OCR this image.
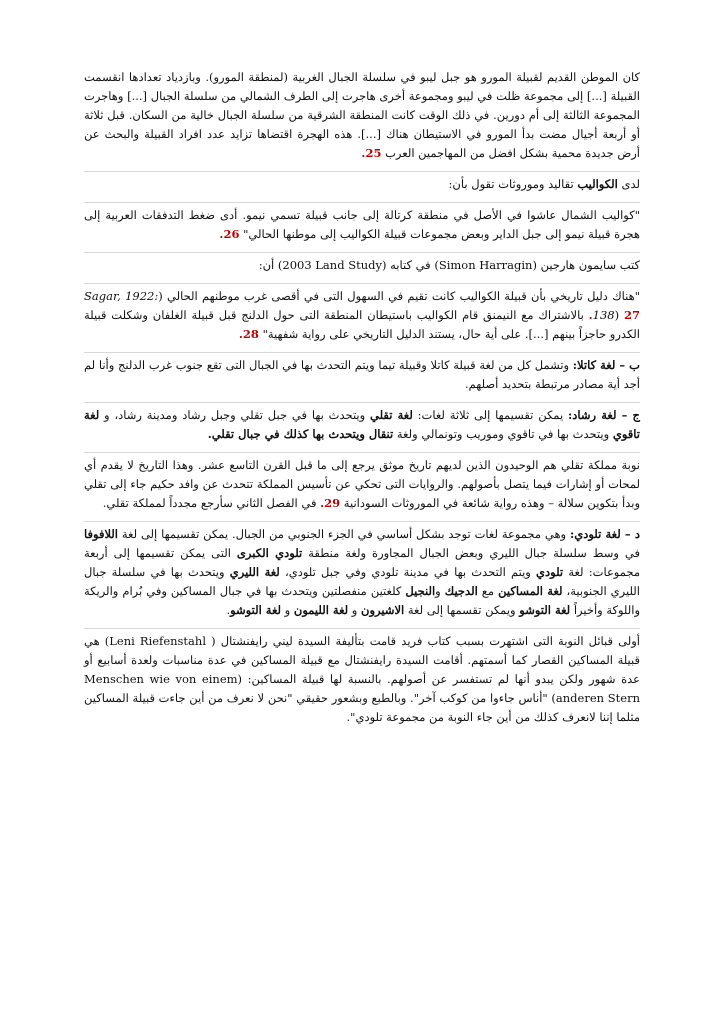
كان الموطن القديم لقبيلة المورو هو جبل ليبو في سلسلة الجبال الغربية (لمنطقة المورو). وبازدياد تعدادها انقسمت القبيلة [...] إلى مجموعة ظلت في ليبو ومجموعة أخرى هاجرت إلى الطرف الشمالي من سلسلة الجبال [...] وهاجرت المجموعة الثالثة إلى أم دورين. في ذلك الوقت كانت المنطقة الشرقية من سلسلة الجبال خالية من السكان. قبل ثلاثة أو أربعة أجيال مضت بدأ المورو في الاستيطان هناك [...]. هذه الهجرة اقتضاها تزايد عدد افراد القبيلة والبحث عن أرض جديدة محمية بشكل افضل من المهاجمين العرب 25.

لدى الكواليب تقاليد وموروثات تقول بأن:

"كواليب الشمال عاشوا في الأصل في منطقة كرتالة إلى جانب قبيلة تسمي نيمو. أدى ضغط التدفقات العربية إلى هجرة قبيلة نيمو إلى جبل الداير وبعض مجموعات قبيلة الكواليب إلى موطنها الحالي" 26.

كتب سايمون هارجين (Simon Harragin) في كتابه (2003 Land Study) أن:

"هناك دليل تاريخي بأن قبيلة الكواليب كانت تقيم في السهول التى في أقصى غرب موطنهم الحالي (Sagar, 1922: 138) 27. بالاشتراك مع النيمنق قام الكواليب باستيطان المنطقة التى حول الدلنج قبل قبيلة الغلفان وشكلت قبيلة الكدرو حاجزاً بينهم [...]. على أية حال، يستند الدليل التاريخي على رواية شفهية" 28.

ب – لغة كاتلا: وتشمل كل من لغة قبيلة كاتلا وقبيلة تيما ويتم التحدث بها في الجبال التى تقع جنوب غرب الدلنج وأنا لم أجد أية مصادر مرتبطة بتحديد أصلهم.

ج – لغة رشاد: يمكن تقسيمها إلى ثلاثة لغات: لغة تقلي ويتحدث بها في جبل تقلي وجبل رشاد ومدينة رشاد، و لغة تاقوي ويتحدث بها في تاقوي وموريب وتونمالي ولغة تنقال ويتحدث بها كذلك في جبال تقلي.

نوبة مملكة تقلي هم الوحيدون الذين لديهم تاريخ موثق يرجع إلى ما قبل القرن التاسع عشر. وهذا التاريخ لا يقدم أي لمحات أو إشارات فيما يتصل بأصولهم. والروايات التى تحكي عن تأسيس المملكة تتحدث عن وافد حكيم جاء إلى تقلي وبدأ بتكوين سلالة – وهذه رواية شائعة في الموروثات السودانية 29. في الفصل الثاني سأرجع مجدداً لمملكة تقلي.

د – لغة تلودي: وهي مجموعة لغات توجد بشكل أساسي في الجزء الجنوبي من الجبال. يمكن تقسيمها إلى لغة اللافوفا في وسط سلسلة جبال الليري وبعض الجبال المجاورة ولغة منطقة تلودي الكبرى التى يمكن تقسيمها إلى أربعة مجموعات: لغة تلودي ويتم التحدث بها في مدينة تلودي وفي جبل تلودي، لغة الليري ويتحدث بها في سلسلة جبال الليري الجنوبية، لغة المساكين مع الدجيك والنجيل كلغتين منفصلتين ويتحدث بها في جبال المساكين وفي بُرام والريكة واللوكة وأخيراً لغة التوشو ويمكن تقسمها إلى لغة الاشيرون و لغة الليمون و لغة التوشو.

أولى قبائل النوبة التى اشتهرت بسبب كتاب فريد قامت بتأليفة السيدة ليني رايفنشتال ( Leni Riefenstahl) هي قبيلة المساكين القصار كما أسمتهم. أقامت السيدة رايفنشتال مع قبيلة المساكين في عدة مناسبات ولعدة أسابيع أو عدة شهور ولكن يبدو أنها لم تستفسر عن أصولهم. بالنسبة لها قبيلة المساكين: (Menschen wie von einem anderen Stern) "أناس جاءوا من كوكب آخر". وبالطبع وبشعور حقيقي "نحن لا نعرف من أين جاءت قبيلة المساكين مثلما إننا لانعرف كذلك من أين جاء النوبة من مجموعة تلودي".
